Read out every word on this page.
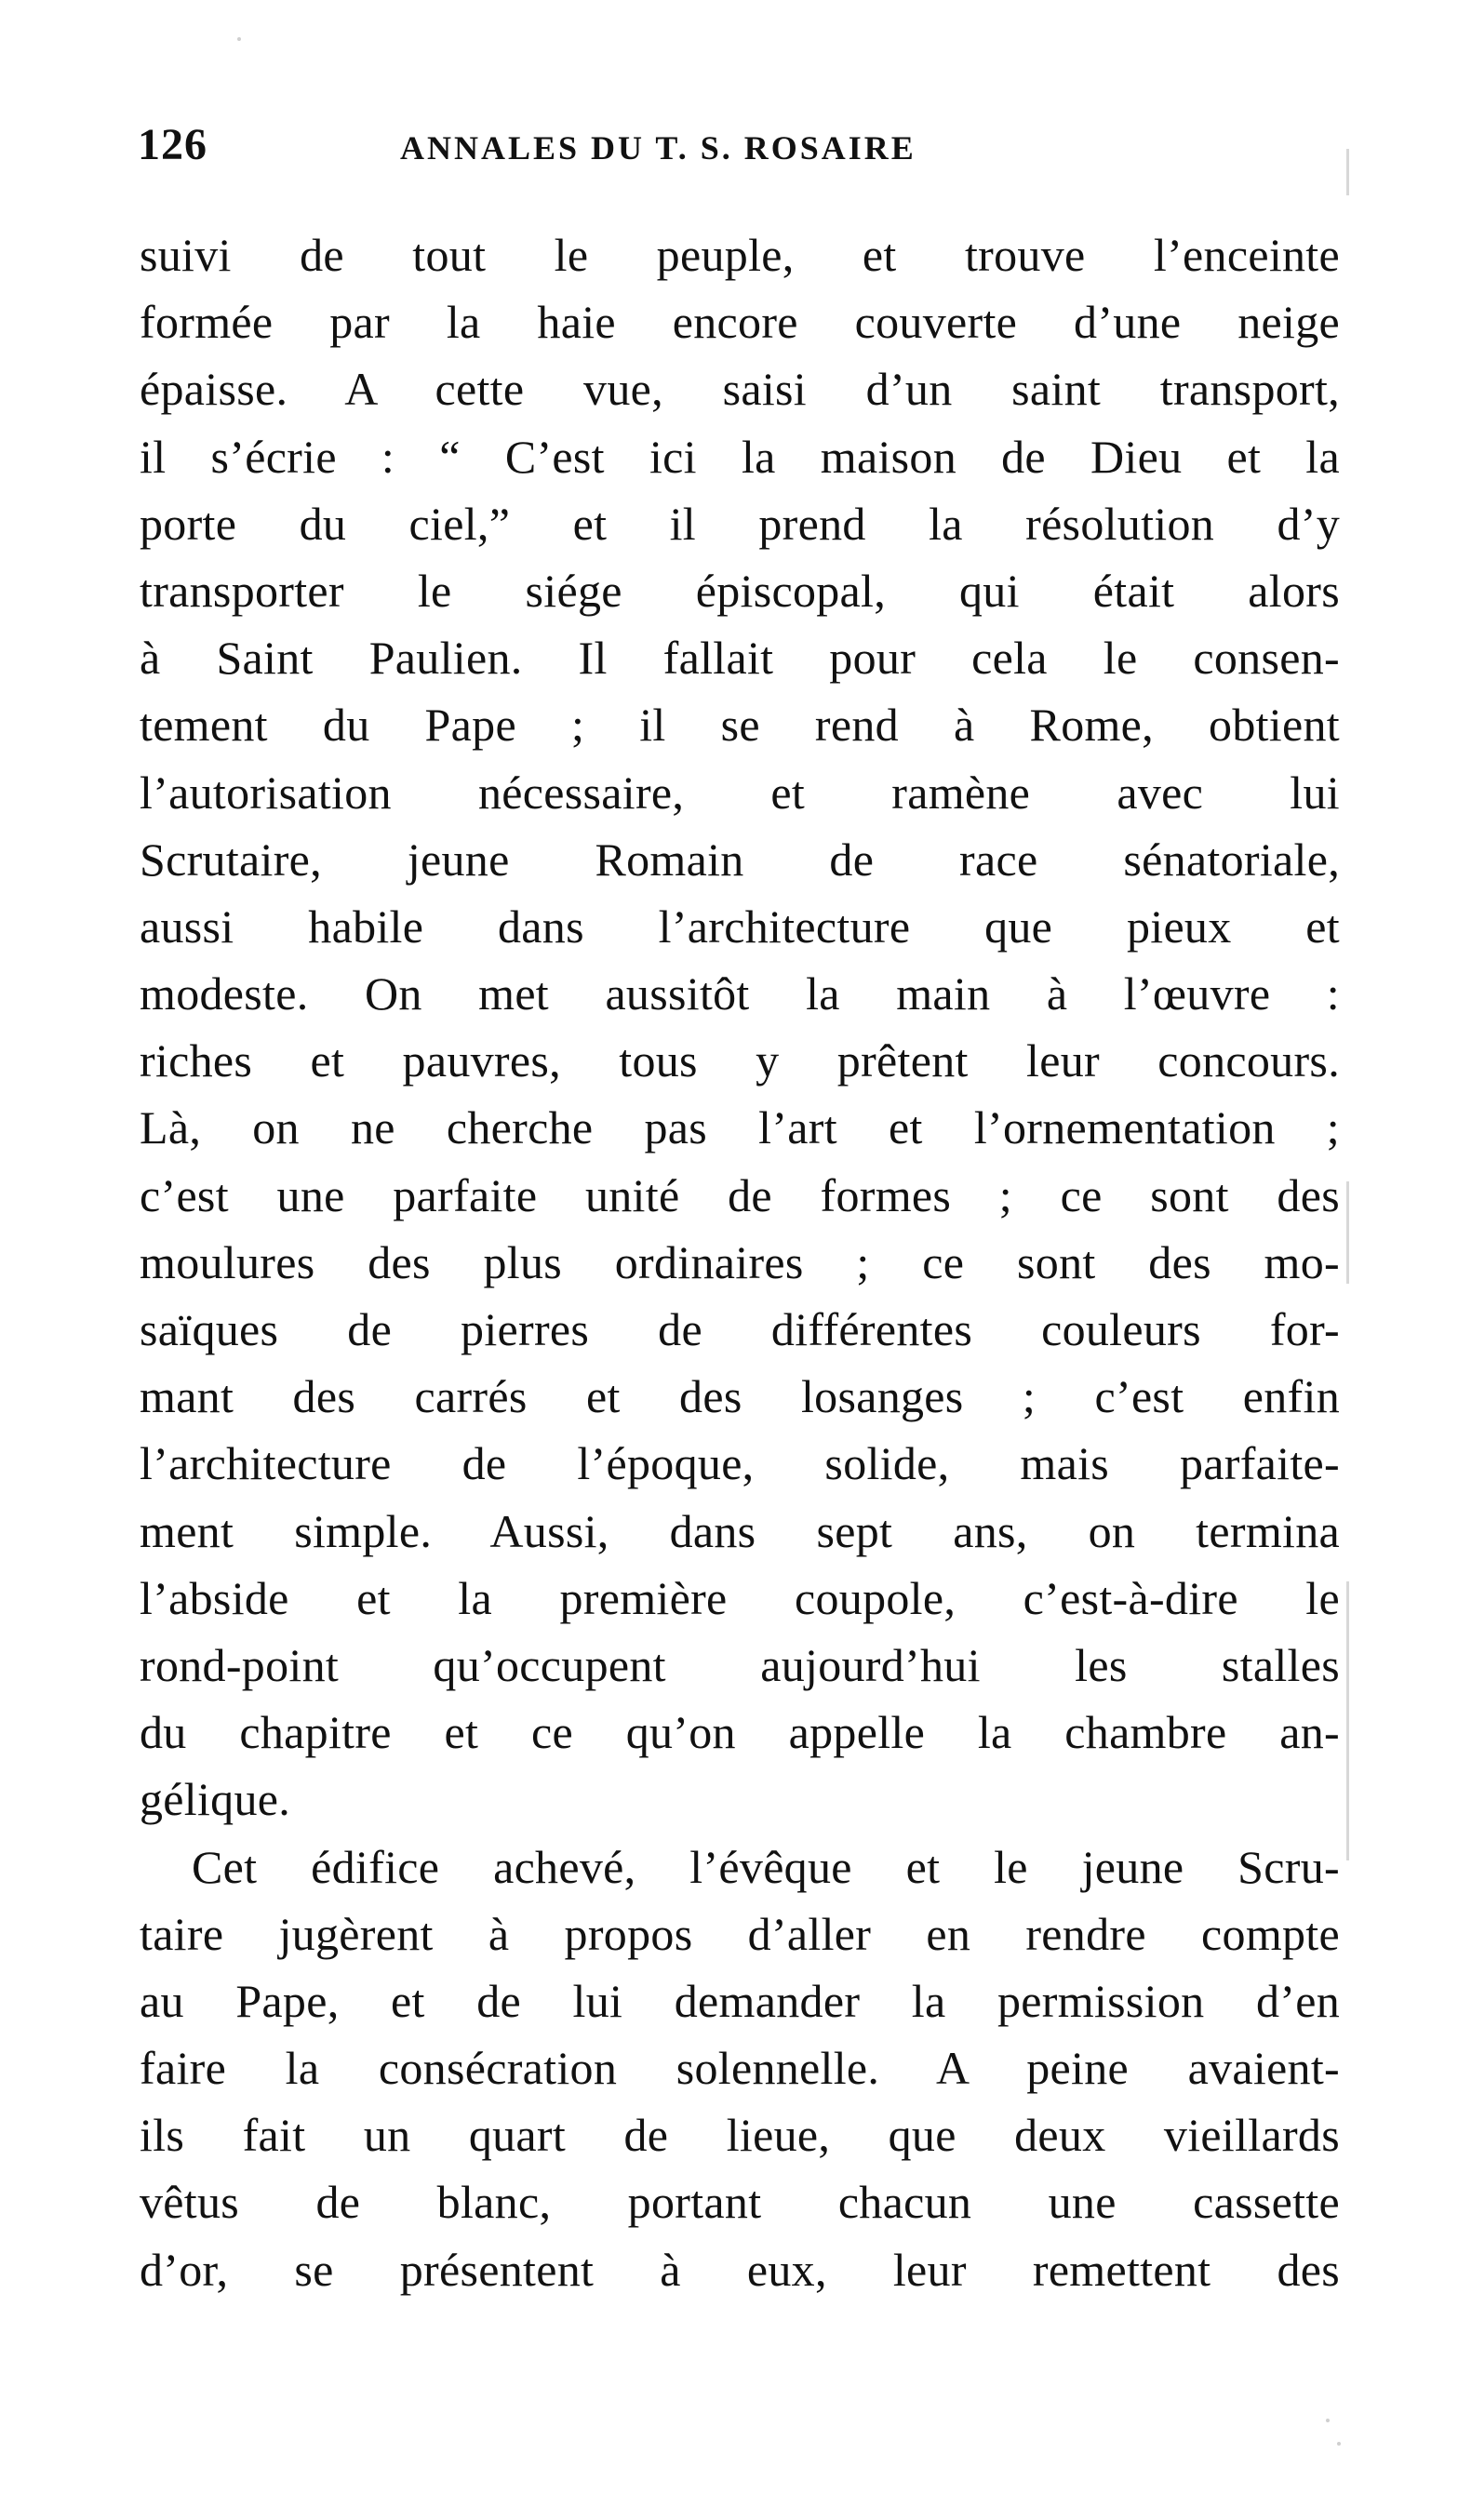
126	ANNALES DU T. S. ROSAIRE
suivi de tout le peuple, et trouve l’enceinte
formée par la haie encore couverte d’une neige
épaisse. A cette vue, saisi d’un saint transport,
il s’écrie : “ C’est ici la maison de Dieu et la
porte du ciel,” et il prend la résolution d’y
transporter le siége épiscopal, qui était alors
à Saint Paulien. Il fallait pour cela le consen-
tement du Pape ; il se rend à Rome, obtient
l’autorisation nécessaire, et ramène avec lui
Scrutaire, jeune Romain de race sénatoriale,
aussi habile dans l’architecture que pieux et
modeste. On met aussitôt la main à l’œuvre :
riches et pauvres, tous y prêtent leur concours.
Là, on ne cherche pas l’art et l’ornementation ;
c’est une parfaite unité de formes ; ce sont des
moulures des plus ordinaires ; ce sont des mo-
saïques de pierres de différentes couleurs for-
mant des carrés et des losanges ; c’est enfin
l’architecture de l’époque, solide, mais parfaite-
ment simple. Aussi, dans sept ans, on termina
l’abside et la première coupole, c’est-à-dire le
rond-point qu’occupent aujourd’hui les stalles
du chapitre et ce qu’on appelle la chambre an-
gélique.
Cet édifice achevé, l’évêque et le jeune Scru-
taire jugèrent à propos d’aller en rendre compte
au Pape, et de lui demander la permission d’en
faire la consécration solennelle. A peine avaient-
ils fait un quart de lieue, que deux vieillards
vêtus de blanc, portant chacun une cassette
d’or, se présentent à eux, leur remettent des
